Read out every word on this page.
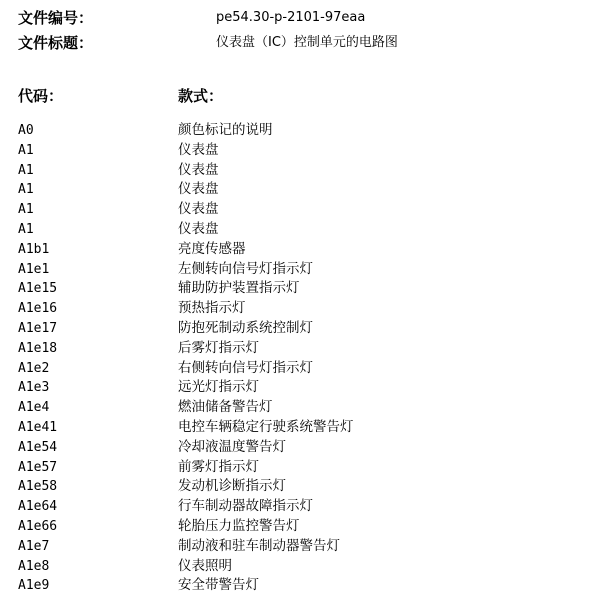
文件编号：	pe54.30-p-2101-97eaa
文件标题：	仪表盘（IC）控制单元的电路图
代码：	款式：
A0	颜色标记的说明
A1	仪表盘
A1	仪表盘
A1	仪表盘
A1	仪表盘
A1	仪表盘
A1b1	亮度传感器
A1e1	左侧转向信号灯指示灯
A1e15	辅助防护装置指示灯
A1e16	预热指示灯
A1e17	防抱死制动系统控制灯
A1e18	后雾灯指示灯
A1e2	右侧转向信号灯指示灯
A1e3	远光灯指示灯
A1e4	燃油储备警告灯
A1e41	电控车辆稳定行驶系统警告灯
A1e54	冷却液温度警告灯
A1e57	前雾灯指示灯
A1e58	发动机诊断指示灯
A1e64	行车制动器故障指示灯
A1e66	轮胎压力监控警告灯
A1e7	制动液和驻车制动器警告灯
A1e8	仪表照明
A1e9	安全带警告灯
